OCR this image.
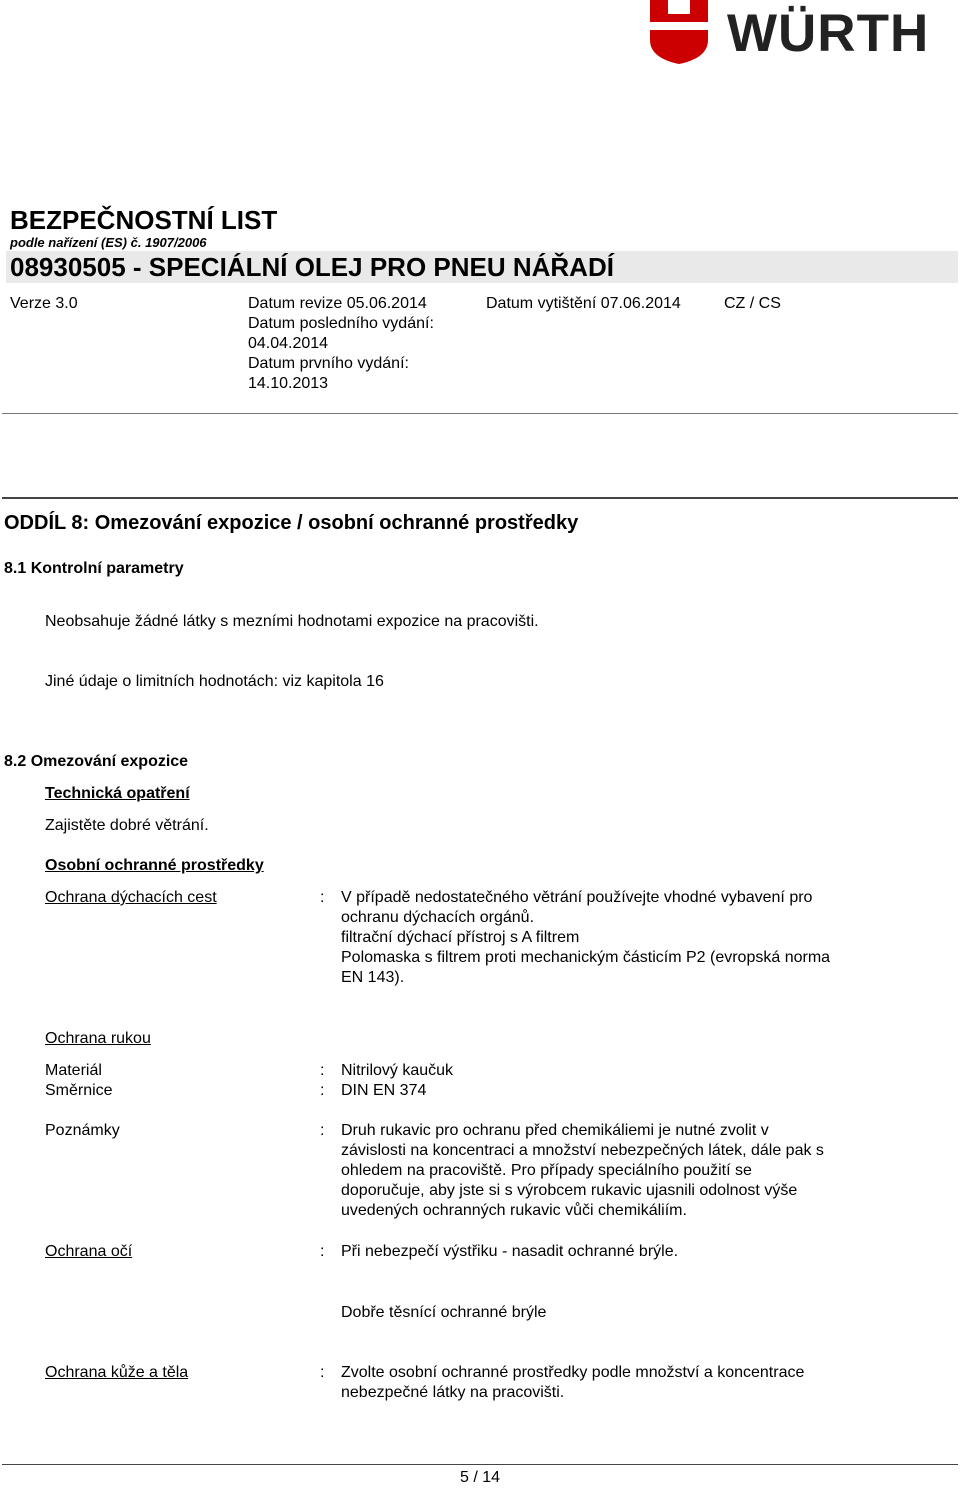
WÜRTH
BEZPEČNOSTNÍ LIST
podle nařízení (ES) č. 1907/2006
08930505 - SPECIÁLNÍ OLEJ PRO PNEU NÁŘADÍ
Verze 3.0	Datum revize 05.06.2014
Datum posledního vydání:
04.04.2014
Datum prvního vydání:
14.10.2013
Datum vytištění 07.06.2014	CZ / CS
ODDÍL 8: Omezování expozice / osobní ochranné prostředky
8.1 Kontrolní parametry
Neobsahuje žádné látky s mezními hodnotami expozice na pracovišti.
Jiné údaje o limitních hodnotách: viz kapitola 16
8.2 Omezování expozice
Technická opatření
Zajistěte dobré větrání.
Osobní ochranné prostředky
Ochrana dýchacích cest	: V případě nedostatečného větrání používejte vhodné vybavení pro
ochranu dýchacích orgánů.
filtrační dýchací přístroj s A filtrem
Polomaska s filtrem proti mechanickým částicím P2 (evropská norma
EN 143).
Ochrana rukou
Materiál	: Nitrilový kaučuk
Směrnice	: DIN EN 374
Poznámky	: Druh rukavic pro ochranu před chemikáliemi je nutné zvolit v
závislosti na koncentraci a množství nebezpečných látek, dále pak s
ohledem na pracoviště. Pro případy speciálního použití se
doporučuje, aby jste si s výrobcem rukavic ujasnili odolnost výše
uvedených ochranných rukavic vůči chemikáliím.
Ochrana očí	: Při nebezpečí výstřiku - nasadit ochranné brýle.
Dobře těsnící ochranné brýle
Ochrana kůže a těla	: Zvolte osobní ochranné prostředky podle množství a koncentrace
nebezpečné látky na pracovišti.
5 / 14
